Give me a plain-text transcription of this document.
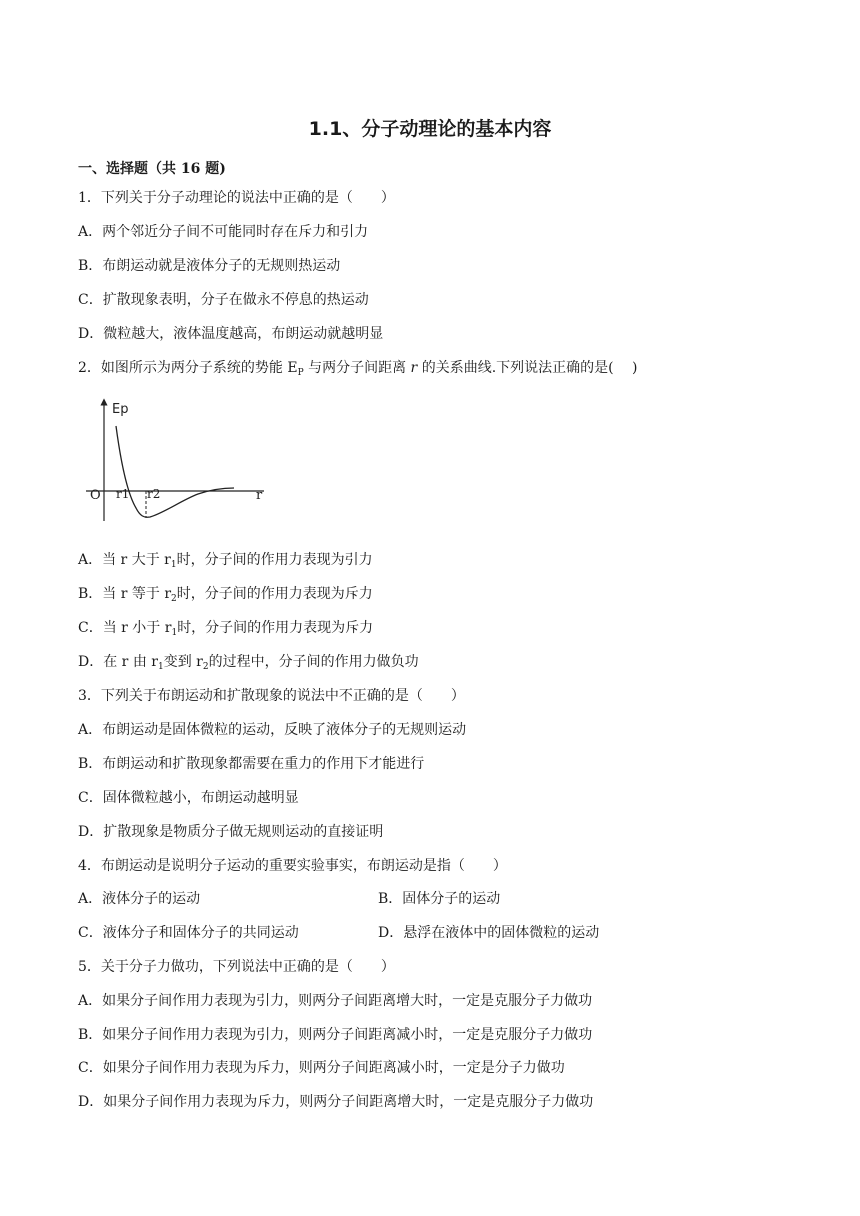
1.1、分子动理论的基本内容
一、选择题（共 16 题)
1．下列关于分子动理论的说法中正确的是（　　）
A．两个邻近分子间不可能同时存在斥力和引力
B．布朗运动就是液体分子的无规则热运动
C．扩散现象表明，分子在做永不停息的热运动
D．微粒越大，液体温度越高，布朗运动就越明显
2．如图所示为两分子系统的势能 $E_P$ 与两分子间距离 r 的关系曲线.下列说法正确的是(　 )
Ep
r
O r1 r2
A．当 r 大于 $r_1$时，分子间的作用力表现为引力
B．当 r 等于 $r_2$时，分子间的作用力表现为斥力
C．当 r 小于 $r_1$时，分子间的作用力表现为斥力
D．在 r 由 $r_1$变到 $r_2$的过程中，分子间的作用力做负功
3．下列关于布朗运动和扩散现象的说法中不正确的是（　　）
A．布朗运动是固体微粒的运动，反映了液体分子的无规则运动
B．布朗运动和扩散现象都需要在重力的作用下才能进行
C．固体微粒越小，布朗运动越明显
D．扩散现象是物质分子做无规则运动的直接证明
4．布朗运动是说明分子运动的重要实验事实，布朗运动是指（　　）
A．液体分子的运动	B．固体分子的运动
C．液体分子和固体分子的共同运动	D．悬浮在液体中的固体微粒的运动
5．关于分子力做功，下列说法中正确的是（　　）
A．如果分子间作用力表现为引力，则两分子间距离增大时，一定是克服分子力做功
B．如果分子间作用力表现为引力，则两分子间距离减小时，一定是克服分子力做功
C．如果分子间作用力表现为斥力，则两分子间距离减小时，一定是分子力做功
D．如果分子间作用力表现为斥力，则两分子间距离增大时，一定是克服分子力做功
